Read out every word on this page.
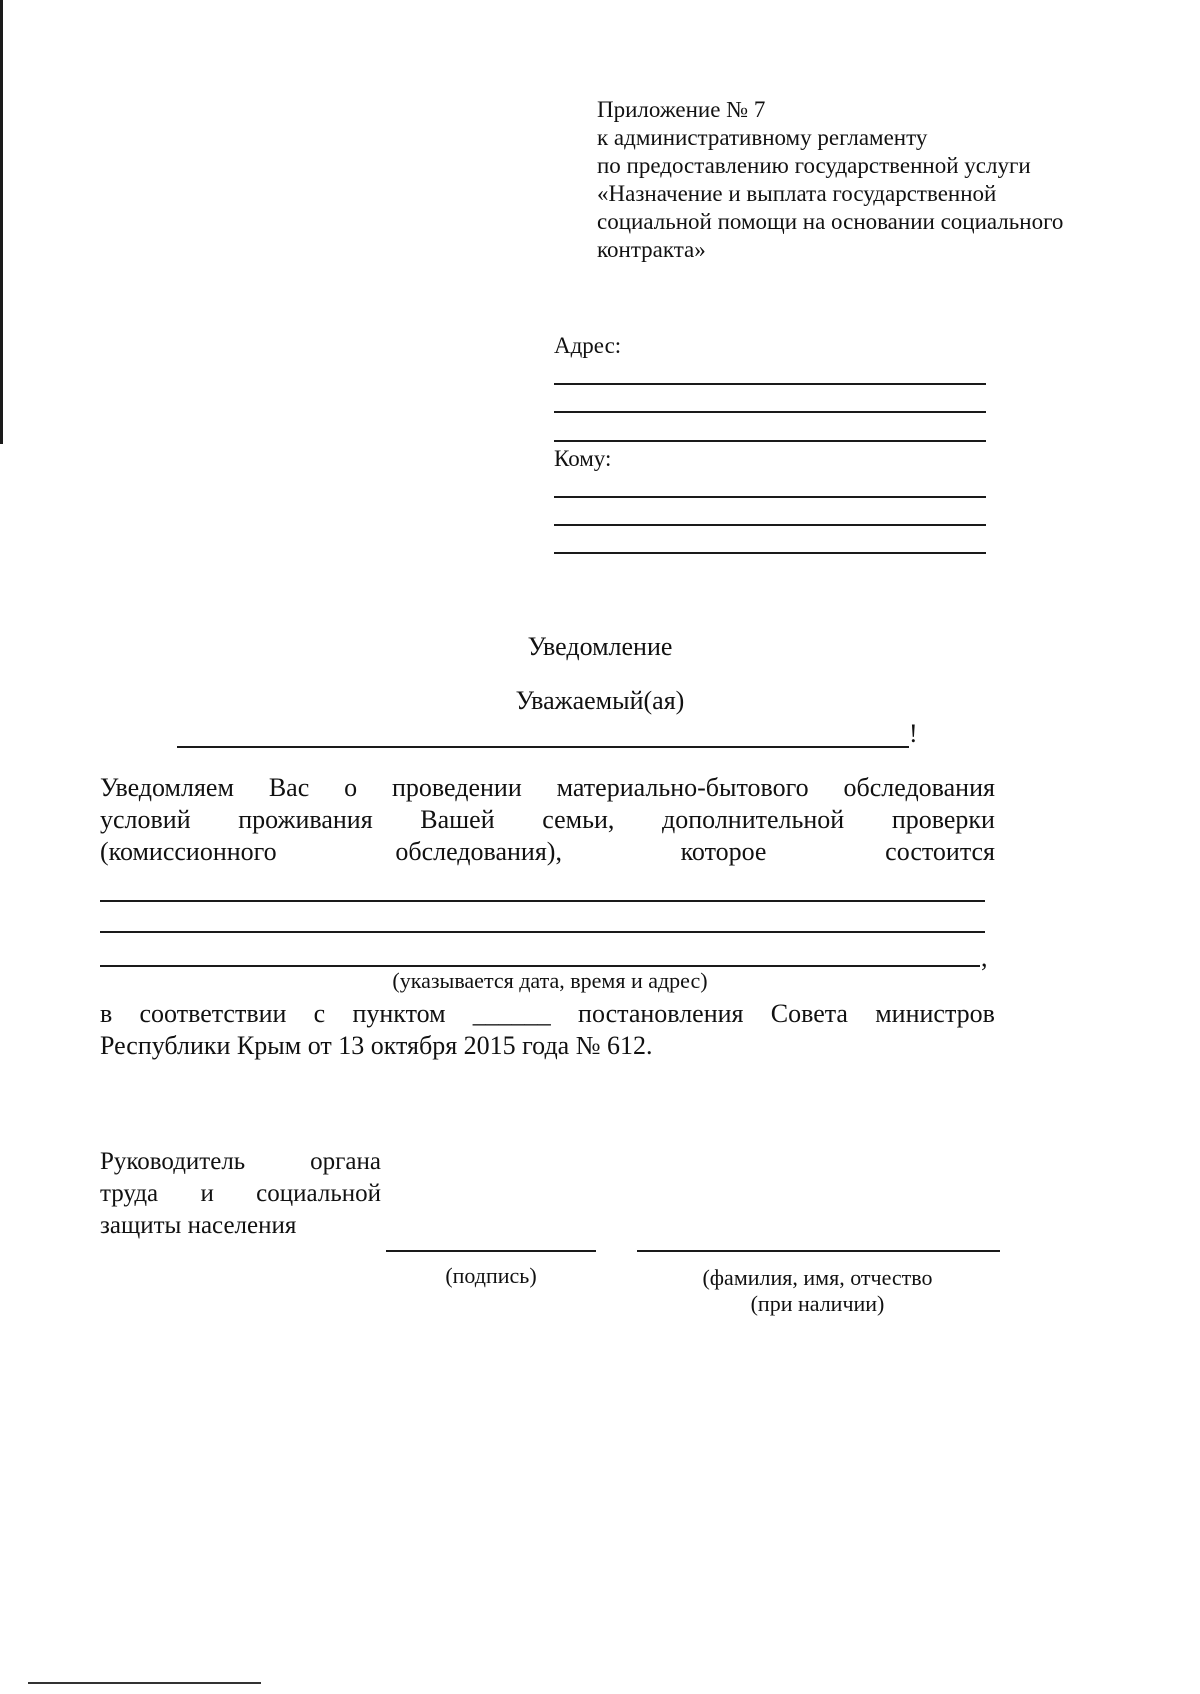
Приложение № 7
к административному регламенту
по предоставлению государственной услуги
«Назначение и выплата государственной
социальной помощи на основании социального
контракта»
Адрес:
Кому:
Уведомление
Уважаемый(ая)
!
Уведомляем Вас о проведении материально-бытового обследования
условий проживания Вашей семьи, дополнительной проверки
(комиссионного	обследования),	которое	состоится
,
(указывается дата, время и адрес)
в соответствии с пунктом ______ постановления Совета министров
Республики Крым от 13 октября 2015 года № 612.
Руководитель	органа
труда и социальной
защиты населения
(подпись)	(фамилия, имя, отчество
(при наличии)
